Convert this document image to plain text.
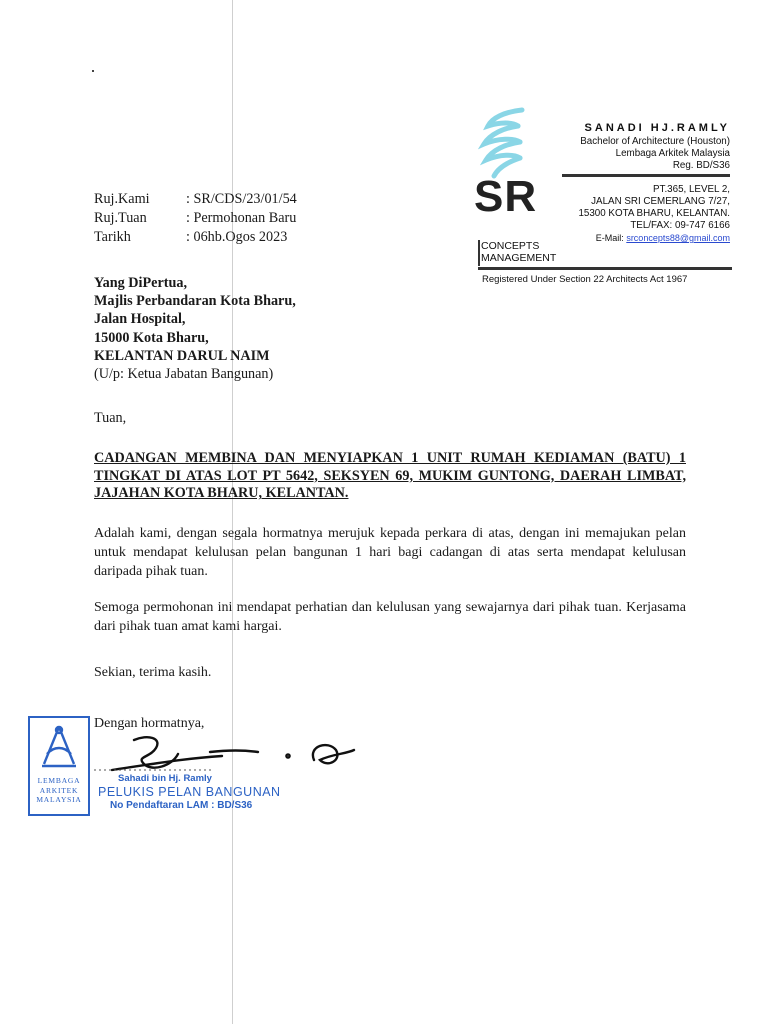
SR
CONCEPTS
MANAGEMENT
SANADI HJ.RAMLY
Bachelor of Architecture (Houston)
Lembaga Arkitek Malaysia
Reg. BD/S36
PT.365, LEVEL 2,
JALAN SRI CEMERLANG 7/27,
15300 KOTA BHARU, KELANTAN.
TEL/FAX: 09-747 6166
E-Mail: srconcepts88@gmail.com
Registered Under Section 22 Architects Act 1967
Ruj.Kami	: SR/CDS/23/01/54
Ruj.Tuan	: Permohonan Baru
Tarikh	: 06hb.Ogos 2023
Yang DiPertua,
Majlis Perbandaran Kota Bharu,
Jalan Hospital,
15000 Kota Bharu,
KELANTAN DARUL NAIM
(U/p: Ketua Jabatan Bangunan)
Tuan,
CADANGAN MEMBINA DAN MENYIAPKAN 1 UNIT RUMAH KEDIAMAN (BATU) 1 TINGKAT DI ATAS LOT PT 5642, SEKSYEN 69, MUKIM GUNTONG, DAERAH LIMBAT, JAJAHAN KOTA BHARU, KELANTAN.
Adalah kami, dengan segala hormatnya merujuk kepada perkara di atas, dengan ini memajukan pelan untuk mendapat kelulusan pelan bangunan 1 hari bagi cadangan di atas serta mendapat kelulusan daripada pihak tuan.
Semoga permohonan ini mendapat perhatian dan kelulusan yang sewajarnya dari pihak tuan. Kerjasama dari pihak tuan amat kami hargai.
Sekian, terima kasih.
Dengan hormatnya,
LEMBAGA
ARKITEK
MALAYSIA
Sahadi bin Hj. Ramly
PELUKIS PELAN BANGUNAN
No Pendaftaran LAM : BD/S36
